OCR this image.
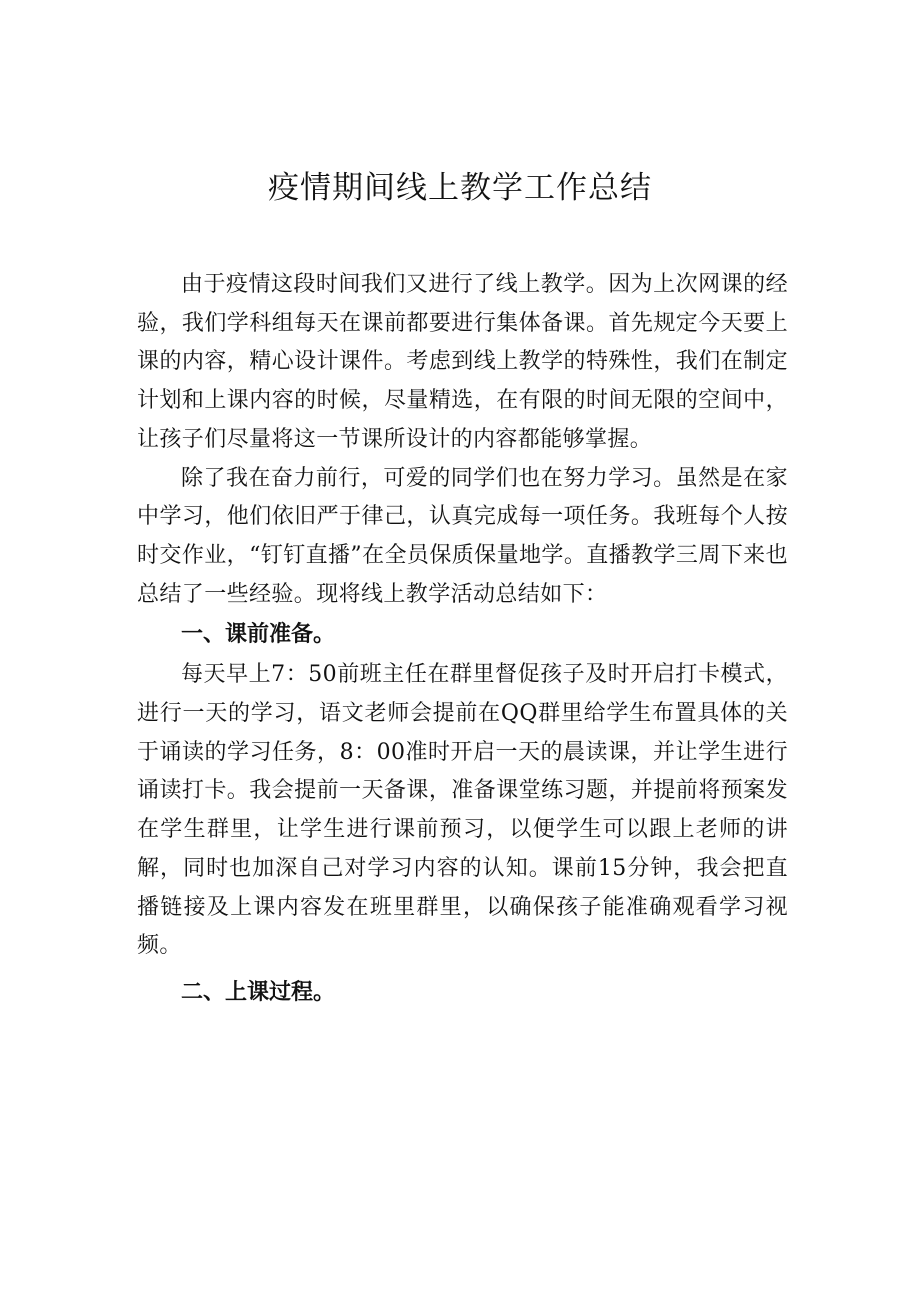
疫情期间线上教学工作总结

由于疫情这段时间我们又进行了线上教学。因为上次网课的经验，我们学科组每天在课前都要进行集体备课。首先规定今天要上课的内容，精心设计课件。考虑到线上教学的特殊性，我们在制定计划和上课内容的时候，尽量精选，在有限的时间无限的空间中，让孩子们尽量将这一节课所设计的内容都能够掌握。

除了我在奋力前行，可爱的同学们也在努力学习。虽然是在家中学习，他们依旧严于律己，认真完成每一项任务。我班每个人按时交作业，“钉钉直播”在全员保质保量地学。直播教学三周下来也总结了一些经验。现将线上教学活动总结如下：

一、课前准备。

每天早上7：50前班主任在群里督促孩子及时开启打卡模式，进行一天的学习，语文老师会提前在QQ群里给学生布置具体的关于诵读的学习任务，8：00准时开启一天的晨读课，并让学生进行诵读打卡。我会提前一天备课，准备课堂练习题，并提前将预案发在学生群里，让学生进行课前预习，以便学生可以跟上老师的讲解，同时也加深自己对学习内容的认知。课前15分钟，我会把直播链接及上课内容发在班里群里，以确保孩子能准确观看学习视频。

二、上课过程。
